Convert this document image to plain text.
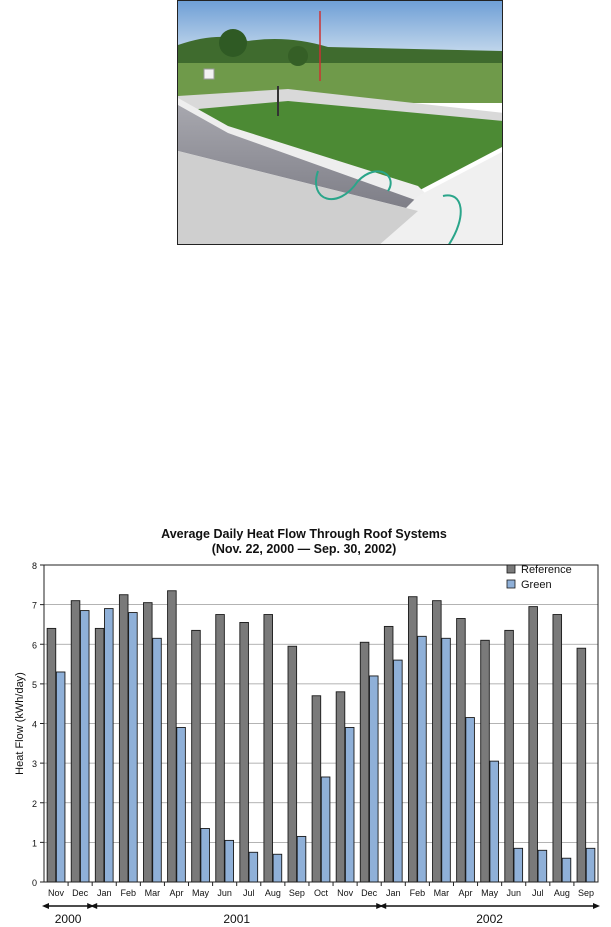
Average Daily Heat Flow Through Roof Systems
(Nov. 22, 2000 — Sep. 30, 2002)
0
1
2
3
4
5
6
7
8
Nov Dec Jan Feb Mar Apr May Jun Jul Aug Sep Oct Nov Dec Jan Feb Mar Apr May Jun Jul Aug Sep
Heat Flow (kWh/day)
Reference
Green
2000	2001	2002
